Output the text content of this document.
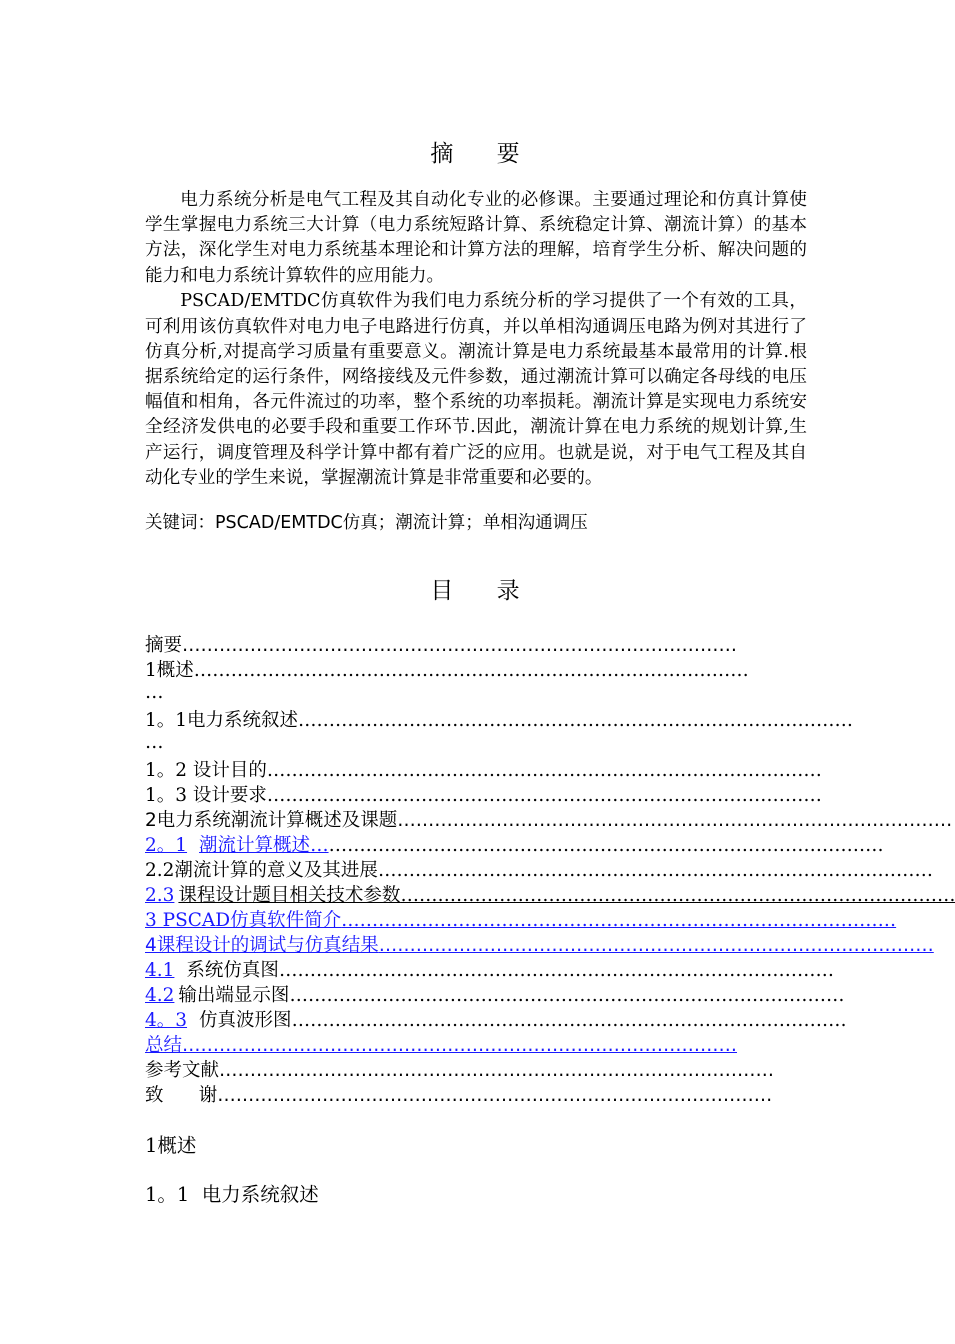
摘 要

电力系统分析是电气工程及其自动化专业的必修课。主要通过理论和仿真计算使学生掌握电力系统三大计算（电力系统短路计算、系统稳定计算、潮流计算）的基本方法，深化学生对电力系统基本理论和计算方法的理解，培育学生分析、解决问题的能力和电力系统计算软件的应用能力。

PSCAD/EMTDC仿真软件为我们电力系统分析的学习提供了一个有效的工具，可利用该仿真软件对电力电子电路进行仿真，并以单相沟通调压电路为例对其进行了仿真分析,对提高学习质量有重要意义。潮流计算是电力系统最基本最常用的计算.根据系统给定的运行条件，网络接线及元件参数，通过潮流计算可以确定各母线的电压幅值和相角，各元件流过的功率，整个系统的功率损耗。潮流计算是实现电力系统安全经济发供电的必要手段和重要工作环节.因此，潮流计算在电力系统的规划计算,生产运行，调度管理及科学计算中都有着广泛的应用。也就是说，对于电气工程及其自动化专业的学生来说，掌握潮流计算是非常重要和必要的。

关键词：PSCAD/EMTDC仿真；潮流计算；单相沟通调压
目 录
摘要………………………………………………………………………………
1概述………………………………………………………………………………
…
1。1电力系统叙述………………………………………………………………………………
…
1。2 设计目的………………………………………………………………………………
1。3 设计要求………………………………………………………………………………
2电力系统潮流计算概述及课题………………………………………………………………………………
2。1 潮流计算概述…………………………………………………………………………………
2.2潮流计算的意义及其进展………………………………………………………………………………
2.3 课程设计题目相关技术参数………………………………………………………………………………
3 PSCAD仿真软件简介………………………………………………………………………………
4课程设计的调试与仿真结果………………………………………………………………………………
4.1 系统仿真图………………………………………………………………………………
4.2 输出端显示图………………………………………………………………………………
4。3 仿真波形图………………………………………………………………………………
总结………………………………………………………………………………
参考文献………………………………………………………………………………
致      谢………………………………………………………………………………
1概述
1。1  电力系统叙述
